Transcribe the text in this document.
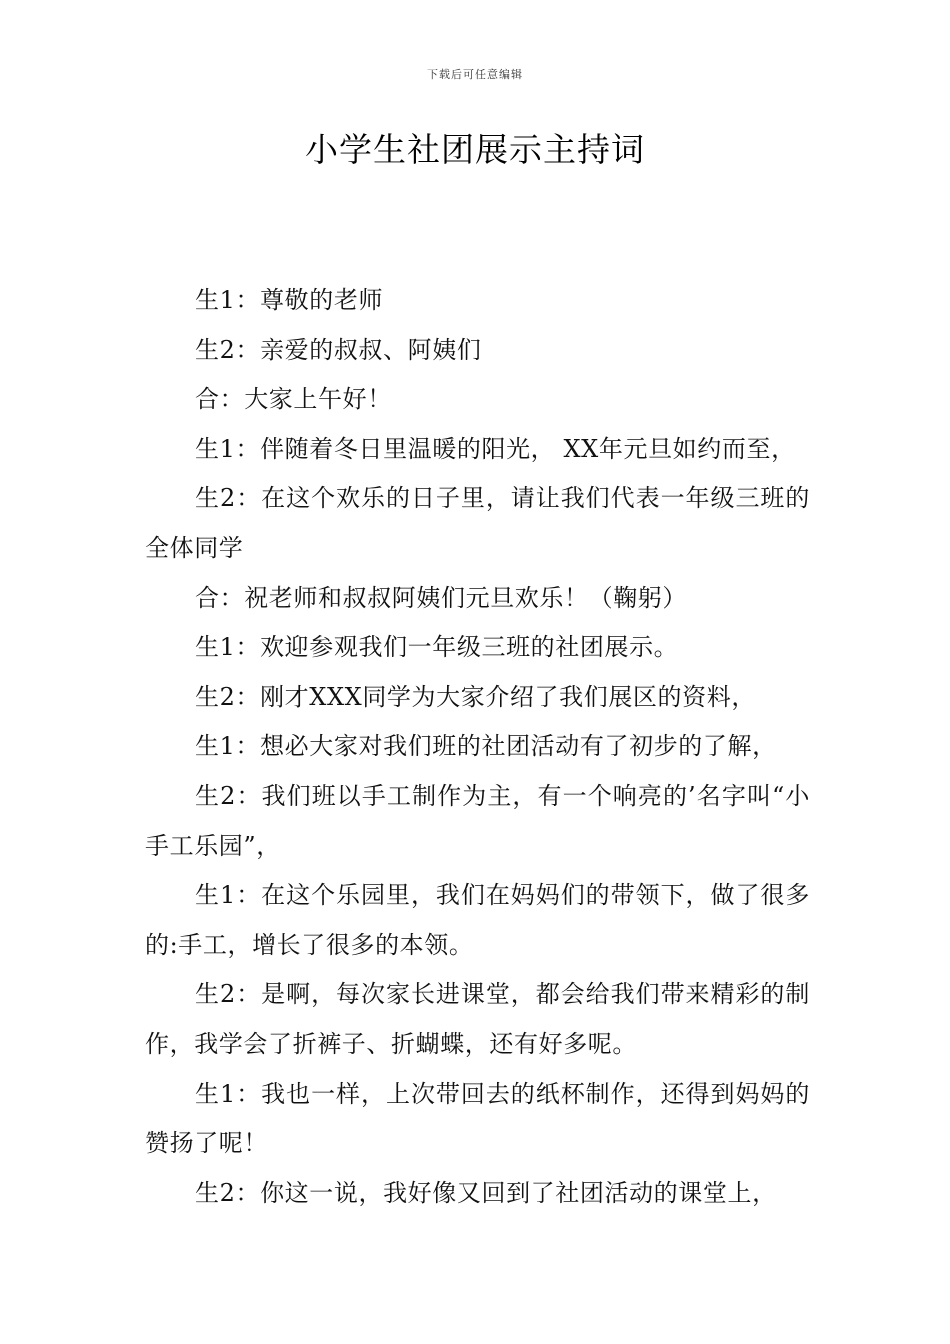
下载后可任意编辑
小学生社团展示主持词

生1：尊敬的老师

生2：亲爱的叔叔、阿姨们

合：大家上午好！

生1：伴随着冬日里温暖的阳光， XX年元旦如约而至，

生2：在这个欢乐的日子里，请让我们代表一年级三班的全体同学

合：祝老师和叔叔阿姨们元旦欢乐！（鞠躬）

生1：欢迎参观我们一年级三班的社团展示。

生2：刚才XXX同学为大家介绍了我们展区的资料，

生1：想必大家对我们班的社团活动有了初步的了解，

生2：我们班以手工制作为主，有一个响亮的’名字叫“小手工乐园”，

生1：在这个乐园里，我们在妈妈们的带领下，做了很多的:手工，增长了很多的本领。

生2：是啊，每次家长进课堂，都会给我们带来精彩的制作，我学会了折裤子、折蝴蝶，还有好多呢。

生1：我也一样，上次带回去的纸杯制作，还得到妈妈的赞扬了呢！

生2：你这一说，我好像又回到了社团活动的课堂上，
